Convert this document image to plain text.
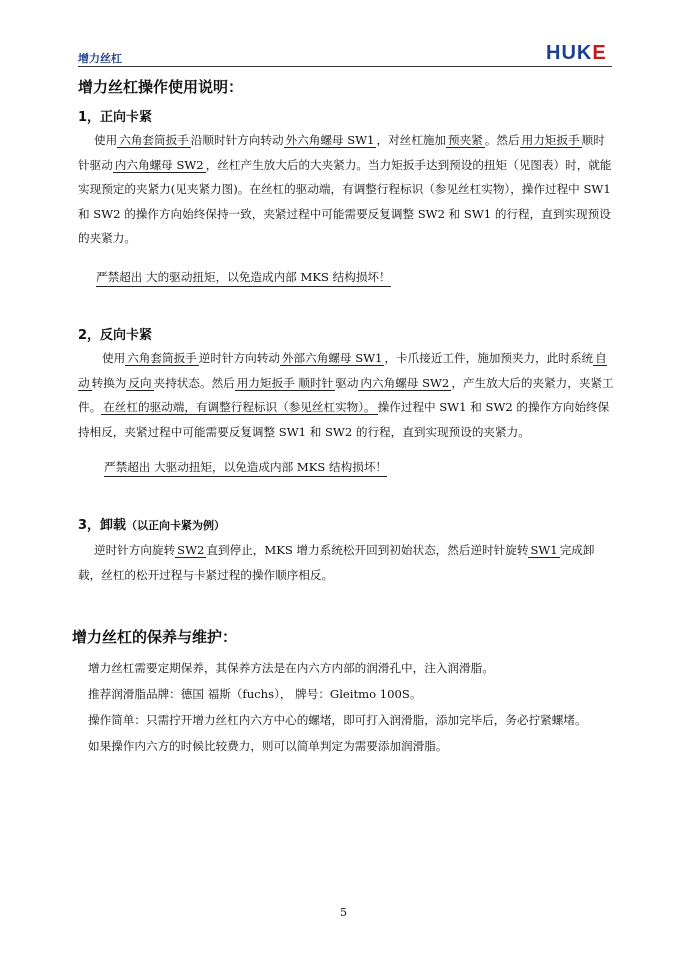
增力丝杠	HUKE
增力丝杠操作使用说明：
1，正向卡紧
使用 六角套筒扳手 沿顺时针方向转动 外六角螺母 SW1 ，对丝杠施加 预夹紧 。然后 用力矩扳手 顺时针驱动 内六角螺母 SW2 ，丝杠产生放大后的大夹紧力。当力矩扳手达到预设的扭矩（见图表）时，就能实现预定的夹紧力(见夹紧力图)。在丝杠的驱动端，有调整行程标识（参见丝杠实物），操作过程中 SW1 和 SW2 的操作方向始终保持一致，夹紧过程中可能需要反复调整 SW2 和 SW1 的行程，直到实现预设的夹紧力。
严禁超出 大的驱动扭矩，以免造成内部 MKS 结构损坏！
2，反向卡紧
使用 六角套筒扳手 逆时针方向转动 外部六角螺母 SW1 ，卡爪接近工件，施加预夹力，此时系统 自动 转换为 反向 夹持状态。然后 用力矩扳手 顺时针 驱动 内六角螺母 SW2 ，产生放大后的夹紧力，夹紧工件。 在丝杠的驱动端，有调整行程标识（参见丝杠实物）。 操作过程中 SW1 和 SW2 的操作方向始终保持相反，夹紧过程中可能需要反复调整 SW1 和 SW2 的行程，直到实现预设的夹紧力。
严禁超出 大驱动扭矩，以免造成内部 MKS 结构损坏！
3，卸载（以正向卡紧为例）
逆时针方向旋转 SW2 直到停止，MKS 增力系统松开回到初始状态，然后逆时针旋转 SW1 完成卸载，丝杠的松开过程与卡紧过程的操作顺序相反。
增力丝杠的保养与维护：
增力丝杠需要定期保养，其保养方法是在内六方内部的润滑孔中，注入润滑脂。
推荐润滑脂品牌：德国 福斯（fuchs）， 牌号：Gleitmo 100S。
操作简单：只需拧开增力丝杠内六方中心的螺堵，即可打入润滑脂，添加完毕后，务必拧紧螺堵。
如果操作内六方的时候比较费力，则可以简单判定为需要添加润滑脂。
5
